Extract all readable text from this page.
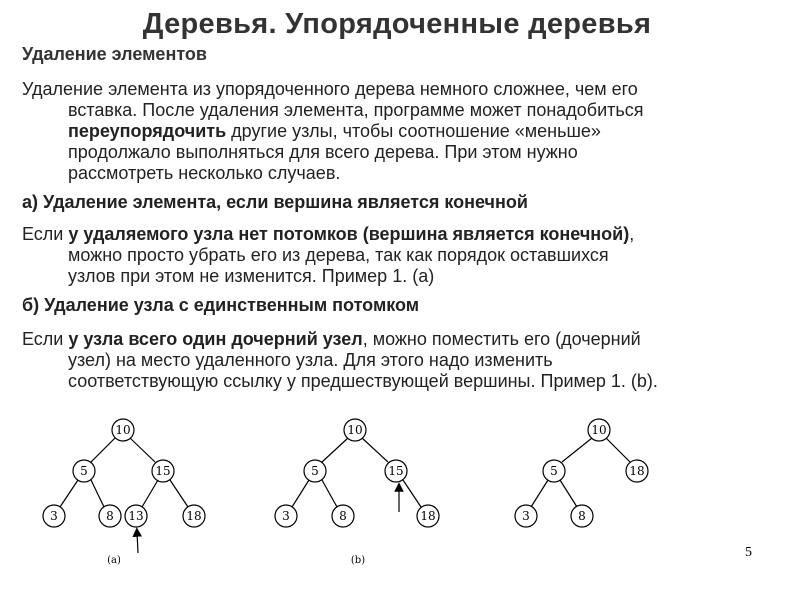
Деревья. Упорядоченные деревья
Удаление элементов
Удаление элемента из упорядоченного дерева немного сложнее, чем его
вставка. После удаления элемента, программе может понадобиться
переупорядочить другие узлы, чтобы соотношение «меньше»
продолжало выполняться для всего дерева. При этом нужно
рассмотреть несколько случаев.
а) Удаление элемента, если вершина является конечной
Если у удаляемого узла нет потомков (вершина является конечной),
можно просто убрать его из дерева, так как порядок оставшихся
узлов при этом не изменится. Пример 1. (а)
б) Удаление узла с единственным потомком
Если у узла всего один дочерний узел, можно поместить его (дочерний
узел) на место удаленного узла. Для этого надо изменить
соответствующую ссылку у предшествующей вершины. Пример 1. (b).
10
5	15
3	8 13	18
(a)
10
5	15
3	8	18
(b)
10
5	18
3	8
5
